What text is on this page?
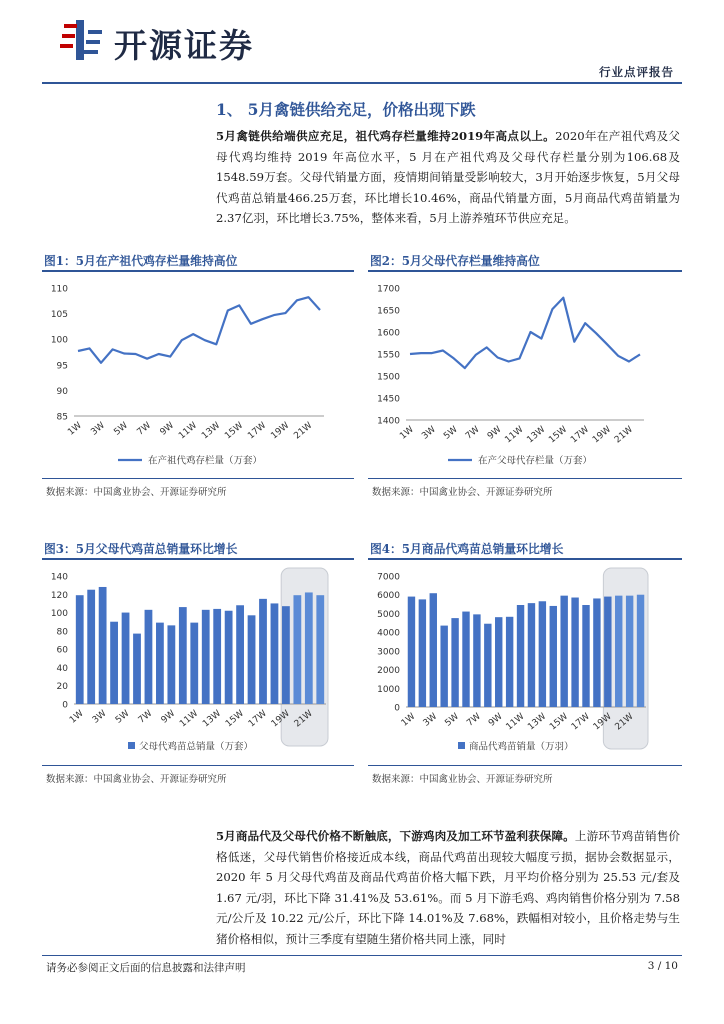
开源证券
行业点评报告
1、 5月禽链供给充足，价格出现下跌
5月禽链供给端供应充足，祖代鸡存栏量维持2019年高点以上。2020年在产祖代鸡及父母代鸡均维持 2019 年高位水平，5 月在产祖代鸡及父母代存栏量分别为106.68及1548.59万套。父母代销量方面，疫情期间销量受影响较大，3月开始逐步恢复，5月父母代鸡苗总销量466.25万套，环比增长10.46%，商品代销量方面，5月商品代鸡苗销量为2.37亿羽，环比增长3.75%，整体来看，5月上游养殖环节供应充足。
图1：5月在产祖代鸡存栏量维持高位
85
90
95
100
105
110
1W 3W 5W 7W 9W 11W 13W 15W 17W 19W 21W
在产祖代鸡存栏量（万套）
数据来源：中国禽业协会、开源证券研究所
图2：5月父母代存栏量维持高位
1400
1450
1500
1550
1600
1650
1700
1W 3W 5W 7W 9W 11W 13W 15W 17W 19W 21W
在产父母代存栏量（万套）
数据来源：中国禽业协会、开源证券研究所
图3：5月父母代鸡苗总销量环比增长
0
20
40
60
80
100
120
140
1W 3W 5W 7W 9W 11W 13W 15W 17W 19W 21W
父母代鸡苗总销量（万套）
数据来源：中国禽业协会、开源证券研究所
图4：5月商品代鸡苗总销量环比增长
0
1000
2000
3000
4000
5000
6000
7000
1W 3W 5W 7W 9W 11W 13W 15W 17W 19W 21W
商品代鸡苗销量（万羽）
数据来源：中国禽业协会、开源证券研究所
5月商品代及父母代价格不断触底，下游鸡肉及加工环节盈利获保障。上游环节鸡苗销售价格低迷，父母代销售价格接近成本线，商品代鸡苗出现较大幅度亏损，据协会数据显示，2020 年 5 月父母代鸡苗及商品代鸡苗价格大幅下跌，月平均价格分别为 25.53 元/套及 1.67 元/羽，环比下降 31.41%及 53.61%。而 5 月下游毛鸡、鸡肉销售价格分别为 7.58 元/公斤及 10.22 元/公斤，环比下降 14.01%及 7.68%，跌幅相对较小，且价格走势与生猪价格相似，预计三季度有望随生猪价格共同上涨，同时
请务必参阅正文后面的信息披露和法律声明	3 / 10
